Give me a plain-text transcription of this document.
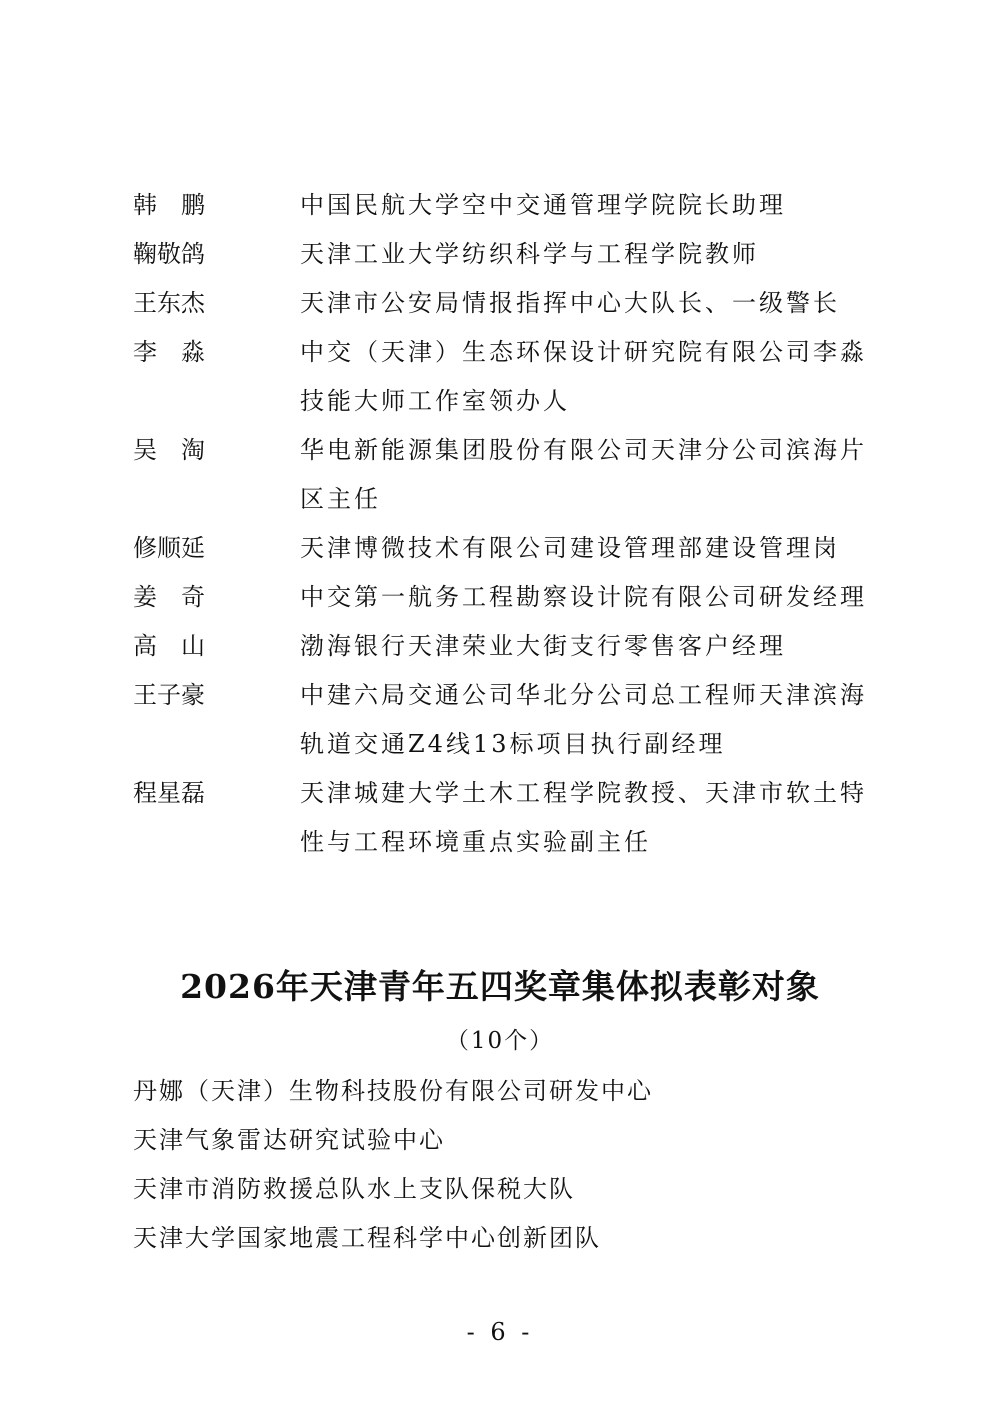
韩　鹏	中国民航大学空中交通管理学院院长助理
鞠敬鸽	天津工业大学纺织科学与工程学院教师
王东杰	天津市公安局情报指挥中心大队长、一级警长
李　淼	中交（天津）生态环保设计研究院有限公司李淼
技能大师工作室领办人
吴　淘	华电新能源集团股份有限公司天津分公司滨海片
区主任
修顺延	天津博微技术有限公司建设管理部建设管理岗
姜　奇	中交第一航务工程勘察设计院有限公司研发经理
高　山	渤海银行天津荣业大街支行零售客户经理
王子豪	中建六局交通公司华北分公司总工程师天津滨海
轨道交通Z4线13标项目执行副经理
程星磊	天津城建大学土木工程学院教授、天津市软土特
性与工程环境重点实验副主任
2026年天津青年五四奖章集体拟表彰对象
（10个）
丹娜（天津）生物科技股份有限公司研发中心
天津气象雷达研究试验中心
天津市消防救援总队水上支队保税大队
天津大学国家地震工程科学中心创新团队
- 6 -
